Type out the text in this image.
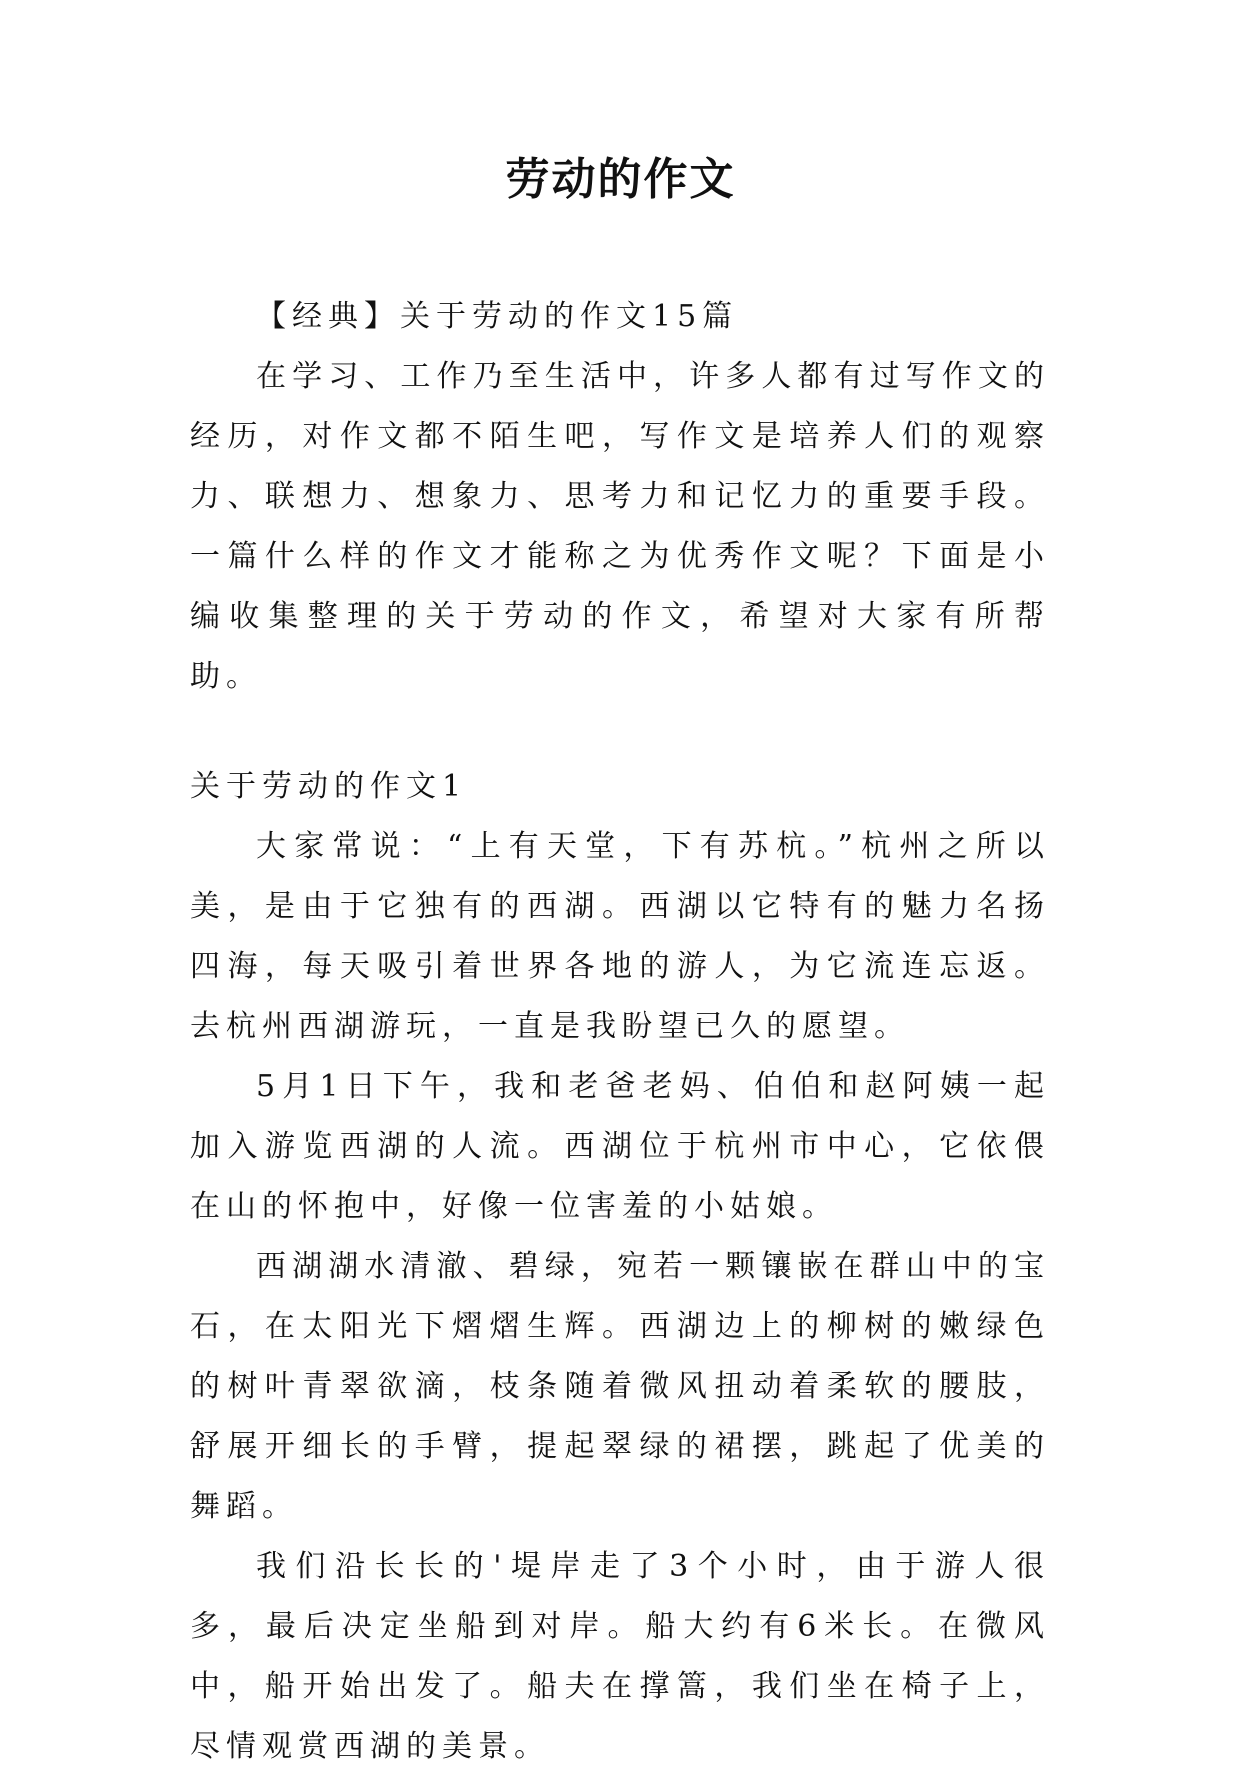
劳动的作文

【经典】关于劳动的作文15篇

在学习、工作乃至生活中，许多人都有过写作文的经历，对作文都不陌生吧，写作文是培养人们的观察力、联想力、想象力、思考力和记忆力的重要手段。一篇什么样的作文才能称之为优秀作文呢？下面是小编收集整理的关于劳动的作文，希望对大家有所帮助。

关于劳动的作文1

大家常说：“上有天堂，下有苏杭。”杭州之所以美，是由于它独有的西湖。西湖以它特有的魅力名扬四海，每天吸引着世界各地的游人，为它流连忘返。去杭州西湖游玩，一直是我盼望已久的愿望。

5月1日下午，我和老爸老妈、伯伯和赵阿姨一起加入游览西湖的人流。西湖位于杭州市中心，它依偎在山的怀抱中，好像一位害羞的小姑娘。

西湖湖水清澈、碧绿，宛若一颗镶嵌在群山中的宝石，在太阳光下熠熠生辉。西湖边上的柳树的嫩绿色的树叶青翠欲滴，枝条随着微风扭动着柔软的腰肢，舒展开细长的手臂，提起翠绿的裙摆，跳起了优美的舞蹈。

我们沿长长的'堤岸走了3个小时，由于游人很多，最后决定坐船到对岸。船大约有6米长。在微风中，船开始出发了。船夫在撑篙，我们坐在椅子上，尽情观赏西湖的美景。
